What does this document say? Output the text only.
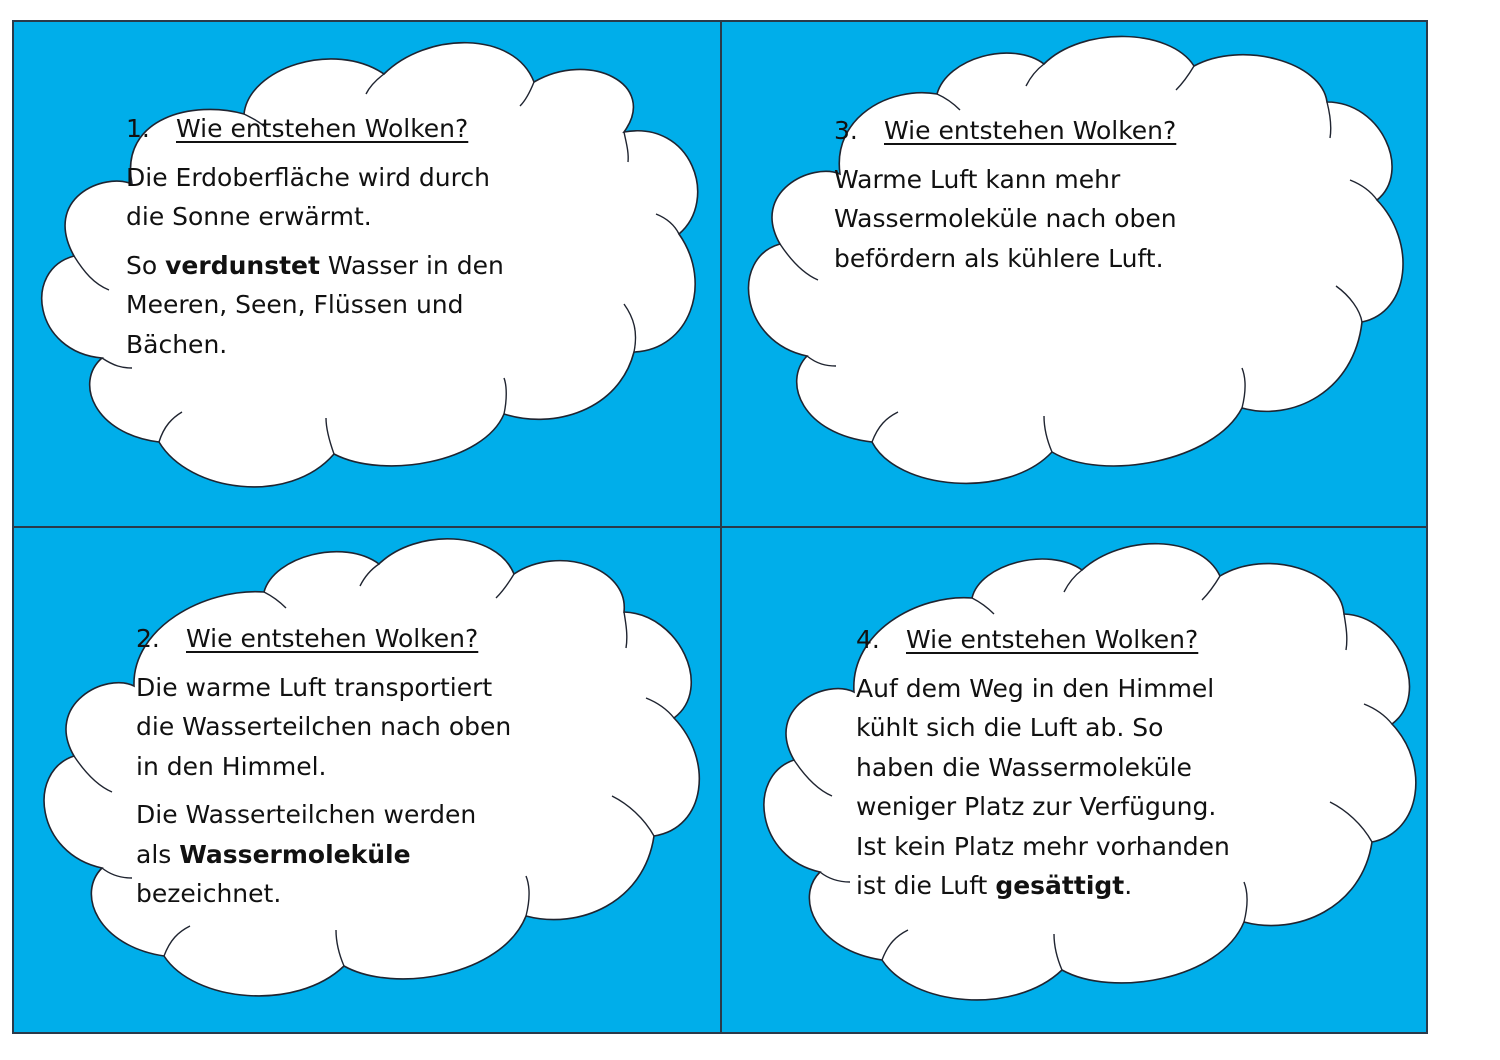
1. Wie entstehen Wolken?
Die Erdoberfläche wird durch
die Sonne erwärmt.
So verdunstet Wasser in den
Meeren, Seen, Flüssen und
Bächen.
3. Wie entstehen Wolken?
Warme Luft kann mehr
Wassermoleküle nach oben
befördern als kühlere Luft.
2. Wie entstehen Wolken?
Die warme Luft transportiert
die Wasserteilchen nach oben
in den Himmel.
Die Wasserteilchen werden
als Wassermoleküle
bezeichnet.
4. Wie entstehen Wolken?
Auf dem Weg in den Himmel
kühlt sich die Luft ab. So
haben die Wassermoleküle
weniger Platz zur Verfügung.
Ist kein Platz mehr vorhanden
ist die Luft gesättigt.
